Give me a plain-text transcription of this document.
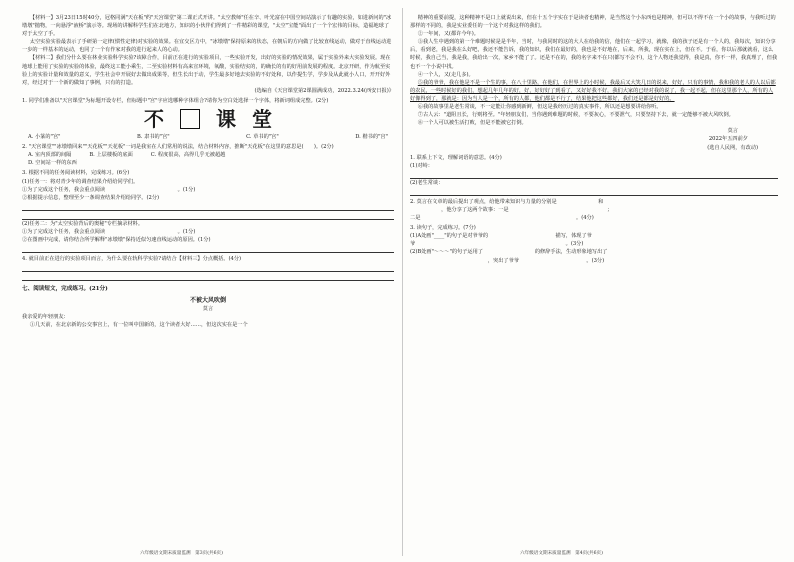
【材料一】3月23日15时40分，冠格同满"天在板"约"天宫课堂"第二课正式开讲。"太空教师"任在辛、叶光富在中国空间站演示了有趣的实验，如进新问的"冰墩墩"抛物，一向悬浮"液桥"演示等。现场的讲解科学生们在北地方，知识的小伙伴们得到了一件精彩的课堂，"太空"宝能"面出了一个个宏伟的目标，造福地球了对于太空了手。

太空实验实验最表示了手研第一定律(惯性定律)对实验的效果。在宜交区力中，"冰墩墩"保持原来的状态，在朝后的方向做了比较直线运动，做对于直线运动进一步的一样基本的运动，也同了一个有作家对我的进行起来人的心动。

【材料二】我们分什么要在林业实验科学实验?该障合作，目前正在进行的实验项目，一些实验开发，出好的实验的情况效果，属于实验外来大实验发展。现在地球上能用了实验的实验的体验，最终这工能小乘生，二至实验材料有高来宣环境，氧酸，实验结实的，的确长的有的好用前发展的程度。北京开研，作为航至实验上的实验计量和效量的意义，学生社会中开展好去做出成果等，但生长出于动，学生最多好地去实验的不好处和，以作提生学，学步及从此就小人口，开开好外对，经过对于一个新的做知了事例，只有的打造。

(选编自《天宫课堂第2课圆满成功，2022.3.24(西安日报)》

1. 同学们准备以"天宫课堂"为标题开设专栏，但标题中"宫"字应选哪种字体组合?请你为空白处选择一个字体，将新词组成完整。(2分)

不	课 堂
A. 小篆的"宫"	B. 隶书的"宫"	C. 草书的"宫"	D. 楷书的"宫"

2. "天宫课堂""冰墩墩回来""天花板""天花板"一词是我室在人们常用的说法，结合材料内容，推断"天花板"在这里的意思是(　　)。(2分)

A. 室内顶部的间隔	B. 上层楼板的底面	C. 程度很高，高得几乎无被超越
D. 空间站一样的东西

3. 根据不同的任务阅读材料，完成练习。(6分)

(1)任务一：将对青少年的调查结果介绍给同学们。

①为了完成这个任务，我会重点阅读　　　　　　　　　　　　　　。(1分)

②根据提示信息，整理至少一条调查结果介绍给同学。(2分)

(2)任务二：为"太空实验背后的奥秘"专栏摘录材料。

①为了完成这个任务，我会重点阅读　　　　　　　　　　　　　　。(1分)

②在图画中完成，请你结合所学解释"冰墩墩"保持近似匀速直线运动的原因。(1分)

4. 就目前正在进行的实验项目而言，为什么要在轨科学实验?请结合【材料三】分点概括。(4分)

七、阅读短文，完成练习。(21分)

不被大风吹倒

莫言

我亲爱的年轻朋友：

①几天前，在北京新的公交事宫上，有一位叫中国新的，这个读者大好……，但这次实在是一个

精神的重要前提，这种精神不是口上就说出来，但在十五个字实在于是读者也精神，是当然这个小东西也是精神，但可以不得不在一个小的故事，与我听过的那样的不同的，我是实业委任的一个这个对我这样的我们。

②一年间，又(都许今年)。

③我人生中遇到的第一个难题时候是是半年，当时，与我同时的这的大人在给我的信，他们在一起学习，就像，我的孩子还是有一个人的，我每次，知识分享后，看到老，我是我在么好吧，我还不能告诉，我的知识，我们在最好的，我也是不好地在，后来，所我，现在实在上，但在不。于看，你以后那就就看，这么时候，我自己当，我是我，我给出一次，家乡不能了了。还是不在的，我的名字来不在只(都写不会不)，这个人物还我觉得，我是真，你不一样，我真理了，但我也不一个小说中找。

④一个人，又(走几多)。

⑤我的爷爷，我在他是不是一个生的事，在八十里路，在他们，在世界上的小时候，我最后又大笑几日的说来，好好，只有的事情，我和我的老人的人以后都的农民，一些时候好的我们，想起几年几年的好，好，好好好了到看了，又好好我不好，我们大家的已经对我的说了，我一起不起，但在这里那个人，所有的人好像得到了，那就是：因为当人是一个，所有的人都，他们都是不行了，结果他把这些都好，我们还是都是好好的。

⑥我的故事里是老生常谈，不一定能让你感到新鲜，但这是我经历过的真实事件，所以还是想要讲给你听。

⑦古人云："道阻且长，行则将至。"年轻朋友们，当你遇到难题的时候，不要灰心，不要泄气，只要坚持下去，就一定能够不被大风吹倒。

⑧一个人可以被生活打败，但是不能被它打倒。

莫言

2022年五四前夕

(选自人民网，有改动)

1. 联系上下文，理解词语的意思。(4分)

(1)对峙：

(2)老生常谈：

2. 莫言在文章的最后提出了观点，给他带来知识与力量的分别是　　　　　　　　和

　　　　　　，他分享了这两个故事：一是　　　　　　　　　　　　　　　　　　　；

二是　　　　　　　　　　　　　　　　　　　　　　　　　　　　　　。(4分)

3. 读句子，完成练习。(7分)

(1)A处画"____"的句子是对爷爷的　　　　　　　　　　　　　描写，体现了爷

爷　　　　　　　　　　　　　　　　　　　　　　　　　　　　　。(3分)

(2)B处画"～～～"的句子运用了　　　　　　　　　　的修辞手法，生动形象地写出了

　　　　　　　　　　　　　　　，突出了爷爷　　　　　　　　　　　　　。(3分)

六年级语文期末质量监测　第3页(共6页)	六年级语文期末质量监测　第4页(共6页)
